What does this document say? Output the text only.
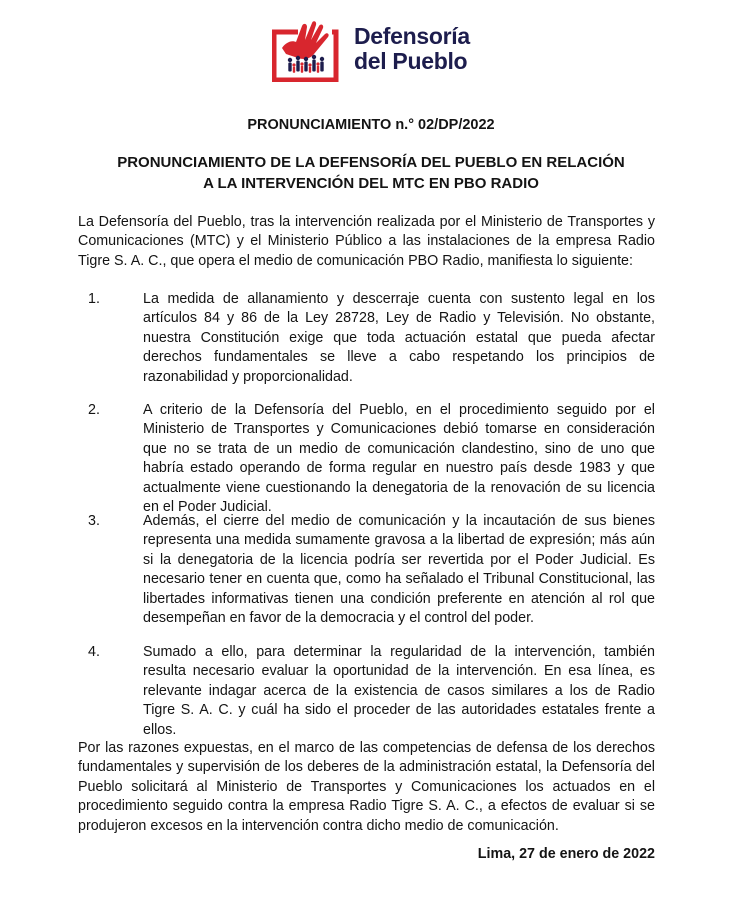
Defensoría
del Pueblo
PRONUNCIAMIENTO n.° 02/DP/2022
PRONUNCIAMIENTO DE LA DEFENSORÍA DEL PUEBLO EN RELACIÓN
A LA INTERVENCIÓN DEL MTC EN PBO RADIO
La Defensoría del Pueblo, tras la intervención realizada por el Ministerio de Transportes y Comunicaciones (MTC) y el Ministerio Público a las instalaciones de la empresa Radio Tigre S. A. C., que opera el medio de comunicación PBO Radio, manifiesta lo siguiente:
1.	La medida de allanamiento y descerraje cuenta con sustento legal en los artículos 84 y 86 de la Ley 28728, Ley de Radio y Televisión. No obstante, nuestra Constitución exige que toda actuación estatal que pueda afectar derechos fundamentales se lleve a cabo respetando los principios de razonabilidad y proporcionalidad.
2.	A criterio de la Defensoría del Pueblo, en el procedimiento seguido por el Ministerio de Transportes y Comunicaciones debió tomarse en consideración que no se trata de un medio de comunicación clandestino, sino de uno que habría estado operando de forma regular en nuestro país desde 1983 y que actualmente viene cuestionando la denegatoria de la renovación de su licencia en el Poder Judicial.
3.	Además, el cierre del medio de comunicación y la incautación de sus bienes representa una medida sumamente gravosa a la libertad de expresión; más aún si la denegatoria de la licencia podría ser revertida por el Poder Judicial. Es necesario tener en cuenta que, como ha señalado el Tribunal Constitucional, las libertades informativas tienen una condición preferente en atención al rol que desempeñan en favor de la democracia y el control del poder.
4.	Sumado a ello, para determinar la regularidad de la intervención, también resulta necesario evaluar la oportunidad de la intervención. En esa línea, es relevante indagar acerca de la existencia de casos similares a los de Radio Tigre S. A. C. y cuál ha sido el proceder de las autoridades estatales frente a ellos.
Por las razones expuestas, en el marco de las competencias de defensa de los derechos fundamentales y supervisión de los deberes de la administración estatal, la Defensoría del Pueblo solicitará al Ministerio de Transportes y Comunicaciones los actuados en el procedimiento seguido contra la empresa Radio Tigre S. A. C., a efectos de evaluar si se produjeron excesos en la intervención contra dicho medio de comunicación.
Lima, 27 de enero de 2022
